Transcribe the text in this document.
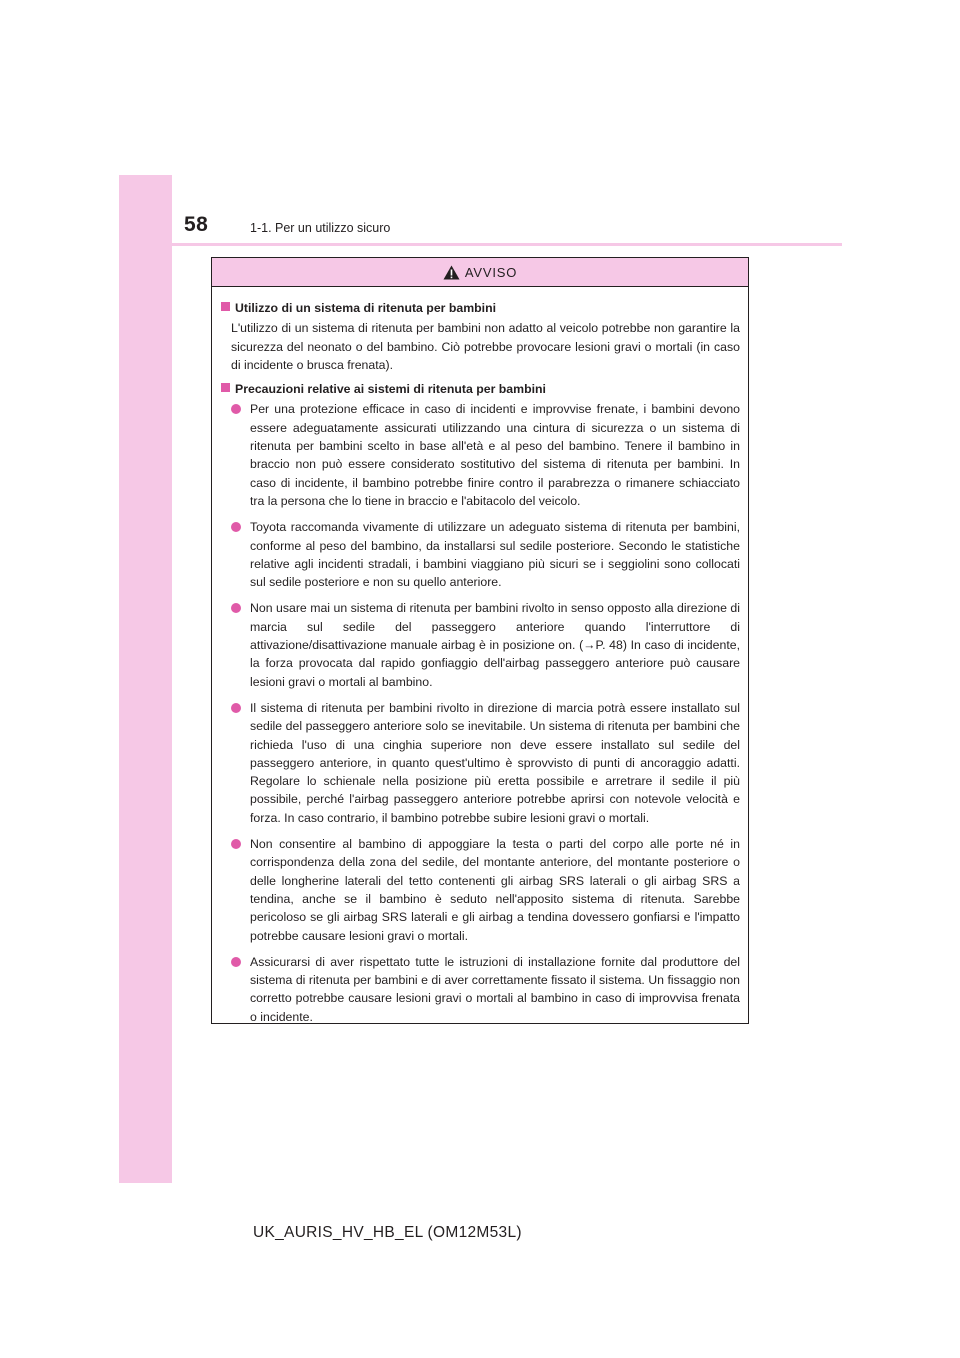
58	1-1. Per un utilizzo sicuro
AVVISO
Utilizzo di un sistema di ritenuta per bambini

L'utilizzo di un sistema di ritenuta per bambini non adatto al veicolo potrebbe non garantire la sicurezza del neonato o del bambino. Ciò potrebbe provocare lesioni gravi o mortali (in caso di incidente o brusca frenata).

Precauzioni relative ai sistemi di ritenuta per bambini
Per una protezione efficace in caso di incidenti e improvvise frenate, i bambini devono essere adeguatamente assicurati utilizzando una cintura di sicurezza o un sistema di ritenuta per bambini scelto in base all'età e al peso del bambino. Tenere il bambino in braccio non può essere considerato sostitutivo del sistema di ritenuta per bambini. In caso di incidente, il bambino potrebbe finire contro il parabrezza o rimanere schiacciato tra la persona che lo tiene in braccio e l'abitacolo del veicolo.
Toyota raccomanda vivamente di utilizzare un adeguato sistema di ritenuta per bambini, conforme al peso del bambino, da installarsi sul sedile posteriore. Secondo le statistiche relative agli incidenti stradali, i bambini viaggiano più sicuri se i seggiolini sono collocati sul sedile posteriore e non su quello anteriore.
Non usare mai un sistema di ritenuta per bambini rivolto in senso opposto alla direzione di marcia sul sedile del passeggero anteriore quando l'interruttore di attivazione/disattivazione manuale airbag è in posizione on. (→P. 48) In caso di incidente, la forza provocata dal rapido gonfiaggio dell'airbag passeggero anteriore può causare lesioni gravi o mortali al bambino.
Il sistema di ritenuta per bambini rivolto in direzione di marcia potrà essere installato sul sedile del passeggero anteriore solo se inevitabile. Un sistema di ritenuta per bambini che richieda l'uso di una cinghia superiore non deve essere installato sul sedile del passeggero anteriore, in quanto quest'ultimo è sprovvisto di punti di ancoraggio adatti. Regolare lo schienale nella posizione più eretta possibile e arretrare il sedile il più possibile, perché l'airbag passeggero anteriore potrebbe aprirsi con notevole velocità e forza. In caso contrario, il bambino potrebbe subire lesioni gravi o mortali.
Non consentire al bambino di appoggiare la testa o parti del corpo alle porte né in corrispondenza della zona del sedile, del montante anteriore, del montante posteriore o delle longherine laterali del tetto contenenti gli airbag SRS laterali o gli airbag SRS a tendina, anche se il bambino è seduto nell'apposito sistema di ritenuta. Sarebbe pericoloso se gli airbag SRS laterali e gli airbag a tendina dovessero gonfiarsi e l'impatto potrebbe causare lesioni gravi o mortali.
Assicurarsi di aver rispettato tutte le istruzioni di installazione fornite dal produttore del sistema di ritenuta per bambini e di aver correttamente fissato il sistema. Un fissaggio non corretto potrebbe causare lesioni gravi o mortali al bambino in caso di improvvisa frenata o incidente.
UK_AURIS_HV_HB_EL (OM12M53L)
